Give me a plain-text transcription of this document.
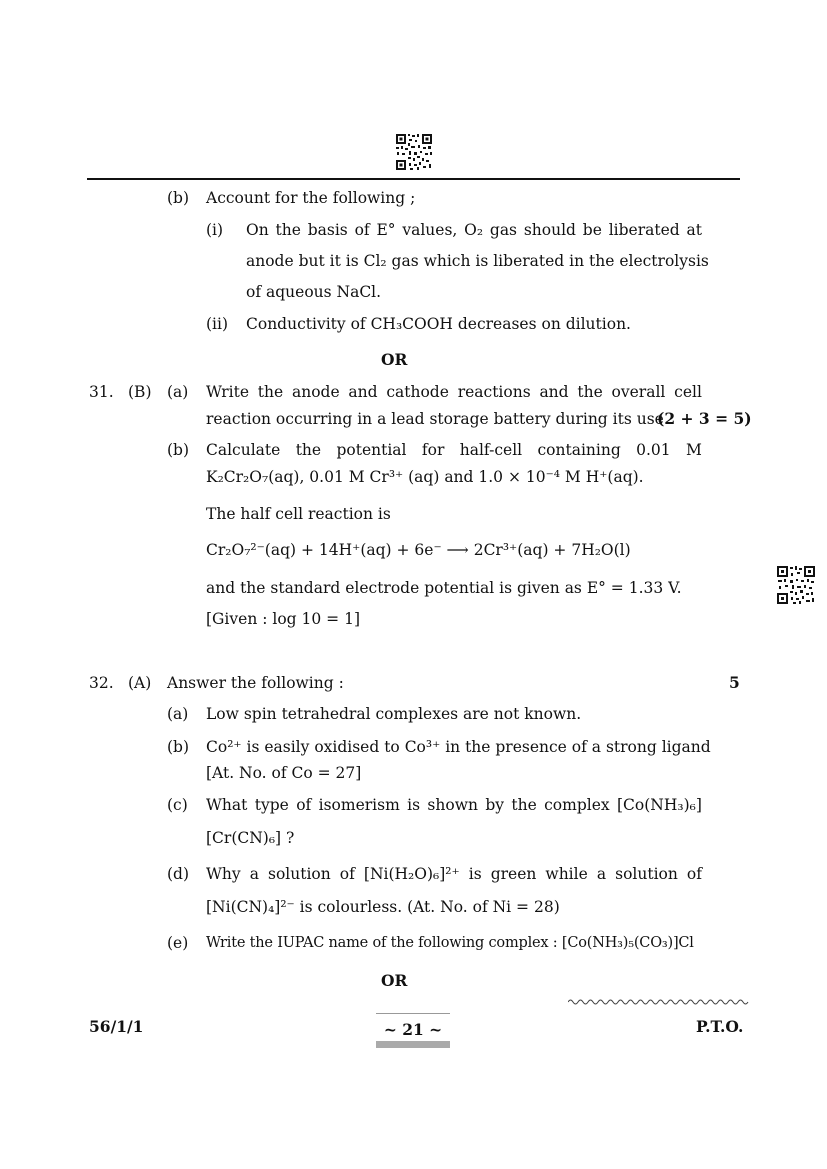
(b) Account for the following ;
(i) On the basis of E° values, O₂ gas should be liberated at
anode but it is Cl₂ gas which is liberated in the electrolysis
of aqueous NaCl.
(ii) Conductivity of CH₃COOH decreases on dilution.
OR
31. (B) (a) Write the anode and cathode reactions and the overall cell
reaction occurring in a lead storage battery during its use.
(2 + 3 = 5)
(b) Calculate the potential for half-cell containing 0.01 M
K₂Cr₂O₇(aq), 0.01 M Cr³⁺ (aq) and 1.0 × 10⁻⁴ M H⁺(aq).
The half cell reaction is
Cr₂O₇²⁻(aq) + 14H⁺(aq) + 6e⁻ ⟶ 2Cr³⁺(aq) + 7H₂O(l)
and the standard electrode potential is given as E° = 1.33 V.
[Given : log 10 = 1]
32. (A) Answer the following :	5
(a) Low spin tetrahedral complexes are not known.
(b) Co²⁺ is easily oxidised to Co³⁺ in the presence of a strong ligand
[At. No. of Co = 27]
(c) What type of isomerism is shown by the complex [Co(NH₃)₆]
[Cr(CN)₆] ?
(d) Why a solution of [Ni(H₂O)₆]²⁺ is green while a solution of
[Ni(CN)₄]²⁻ is colourless. (At. No. of Ni = 28)
(e) Write the IUPAC name of the following complex : [Co(NH₃)₅(CO₃)]Cl
OR
56/1/1	~ 21 ~	P.T.O.
